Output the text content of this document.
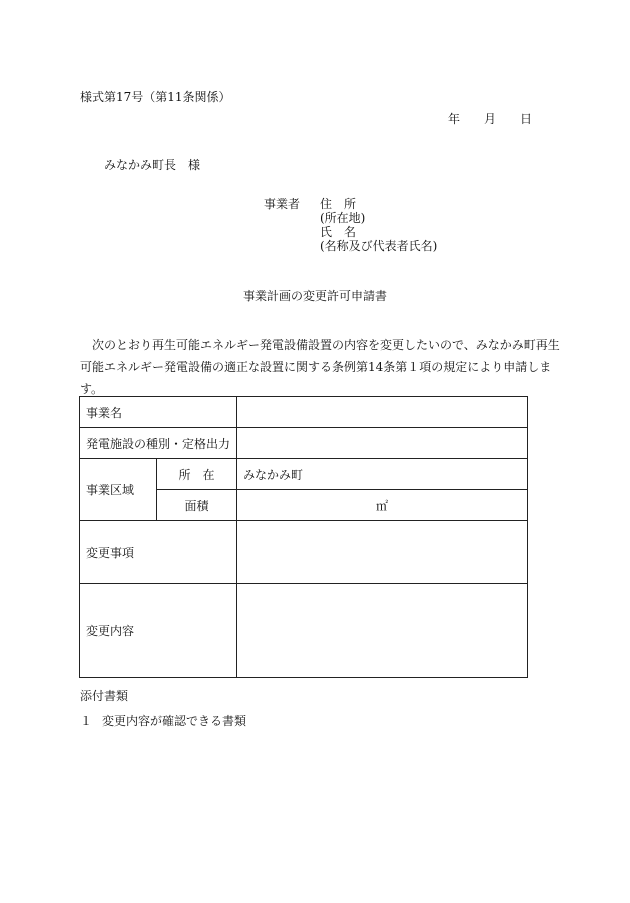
様式第17号（第11条関係）
年 月 日
みなかみ町長　様
事業者 住　所
(所在地)
氏　名
(名称及び代表者氏名)
事業計画の変更許可申請書

次のとおり再生可能エネルギー発電設備設置の内容を変更したいので、みなかみ町再生

可能エネルギー発電設備の適正な設置に関する条例第14条第１項の規定により申請します。

事業名		
発電施設の種別・定格出力		
事業区域	所　在	みなかみ町
	面積	㎡
変更事項		
変更内容		
添付書類
１ 変更内容が確認できる書類
